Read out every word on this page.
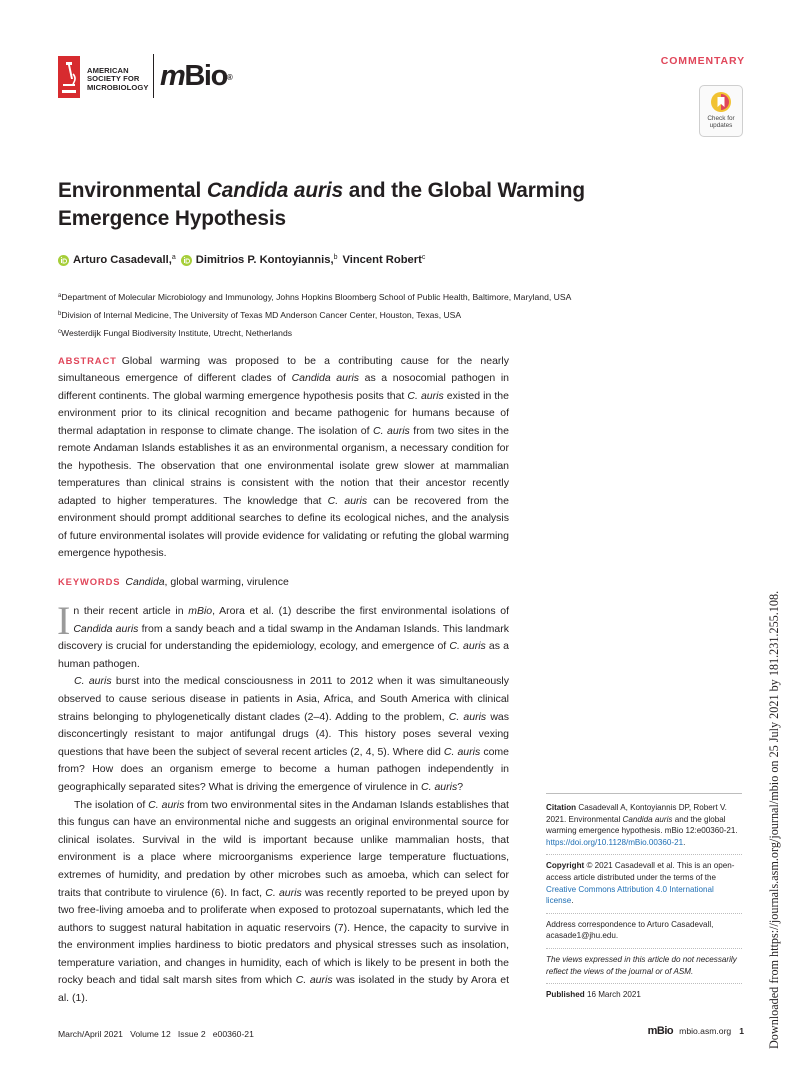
AMERICAN
SOCIETY FOR
MICROBIOLOGY mBio®
COMMENTARY
Check for
updates
Environmental Candida auris and the Global Warming Emergence Hypothesis
Arturo Casadevall,$^a$ Dimitrios P. Kontoyiannis,$^b$ Vincent Robert$^c$
$^a$Department of Molecular Microbiology and Immunology, Johns Hopkins Bloomberg School of Public Health, Baltimore, Maryland, USA
$^b$Division of Internal Medicine, The University of Texas MD Anderson Cancer Center, Houston, Texas, USA
$^c$Westerdijk Fungal Biodiversity Institute, Utrecht, Netherlands
ABSTRACT Global warming was proposed to be a contributing cause for the nearly simultaneous emergence of different clades of Candida auris as a nosocomial pathogen in different continents. The global warming emergence hypothesis posits that C. auris existed in the environment prior to its clinical recognition and became pathogenic for humans because of thermal adaptation in response to climate change. The isolation of C. auris from two sites in the remote Andaman Islands establishes it as an environmental organism, a necessary condition for the hypothesis. The observation that one environmental isolate grew slower at mammalian temperatures than clinical strains is consistent with the notion that their ancestor recently adapted to higher temperatures. The knowledge that C. auris can be recovered from the environment should prompt additional searches to define its ecological niches, and the analysis of future environmental isolates will provide evidence for validating or refuting the global warming emergence hypothesis.
KEYWORDS Candida, global warming, virulence

In their recent article in mBio, Arora et al. (1) describe the first environmental isolations of Candida auris from a sandy beach and a tidal swamp in the Andaman Islands. This landmark discovery is crucial for understanding the epidemiology, ecology, and emergence of C. auris as a human pathogen.

C. auris burst into the medical consciousness in 2011 to 2012 when it was simultaneously observed to cause serious disease in patients in Asia, Africa, and South America with clinical strains belonging to phylogenetically distant clades (2–4). Adding to the problem, C. auris was disconcertingly resistant to major antifungal drugs (4). This history poses several vexing questions that have been the subject of several recent articles (2, 4, 5). Where did C. auris come from? How does an organism emerge to become a human pathogen independently in geographically separated sites? What is driving the emergence of virulence in C. auris?

The isolation of C. auris from two environmental sites in the Andaman Islands establishes that this fungus can have an environmental niche and suggests an original environmental source for clinical isolates. Survival in the wild is important because unlike mammalian hosts, that environment is a place where microorganisms experience large temperature fluctuations, extremes of humidity, and predation by other microbes such as amoeba, which can select for traits that contribute to virulence (6). In fact, C. auris was recently reported to be preyed upon by two free-living amoeba and to proliferate when exposed to protozoal supernatants, which led the authors to suggest natural habitation in aquatic reservoirs (7). Hence, the capacity to survive in the environment implies hardiness to biotic predators and physical stresses such as insolation, temperature variation, and changes in humidity, each of which is likely to be present in both the rocky beach and tidal salt marsh sites from which C. auris was isolated in the study by Arora et al. (1).

Citation Casadevall A, Kontoyiannis DP, Robert V. 2021. Environmental Candida auris and the global warming emergence hypothesis. mBio 12:e00360-21. https://doi.org/10.1128/mBio.00360-21.
Copyright © 2021 Casadevall et al. This is an open-access article distributed under the terms of the Creative Commons Attribution 4.0 International license.
Address correspondence to Arturo Casadevall, acasade1@jhu.edu.
The views expressed in this article do not necessarily reflect the views of the journal or of ASM.
Published 16 March 2021
March/April 2021   Volume 12   Issue 2   e00360-21	mBio mbio.asm.org 1 Downloaded from https://journals.asm.org/journal/mbio on 25 July 2021 by 181.231.255.108.
